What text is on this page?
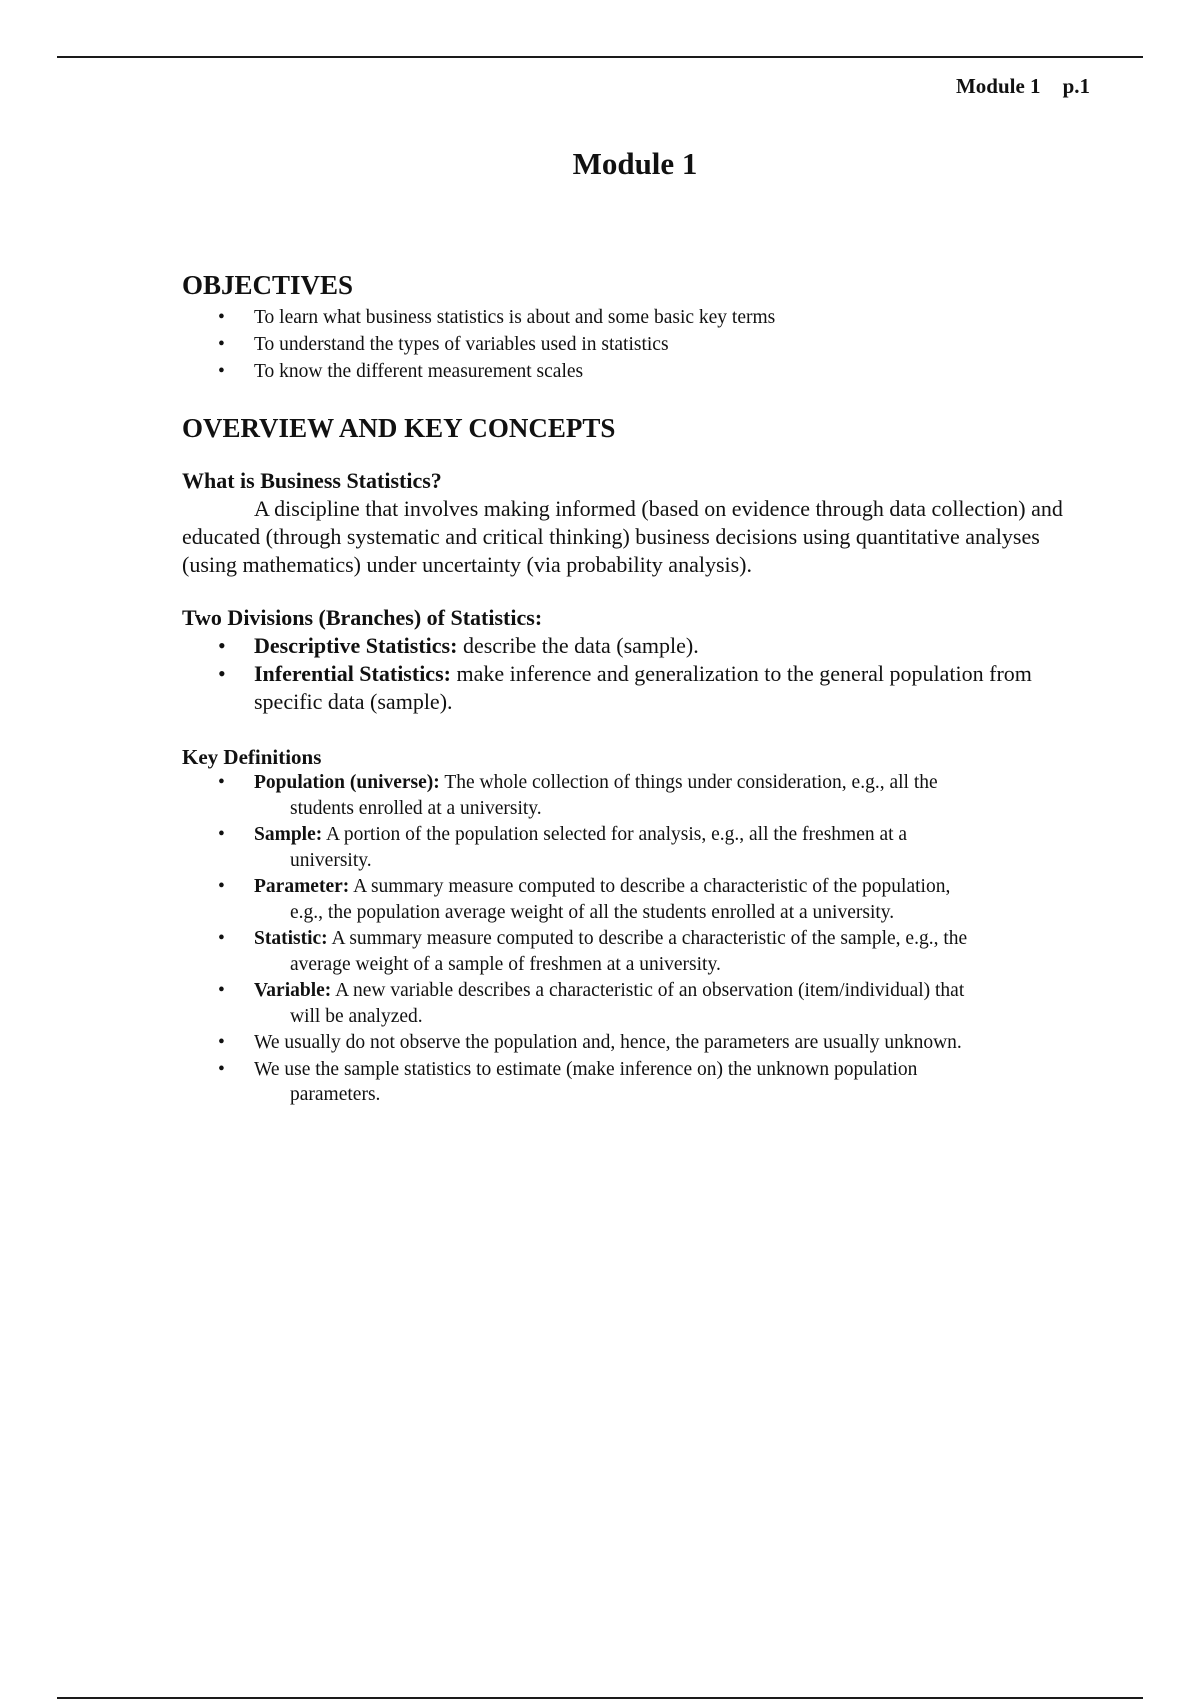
Module 1 p.1
Module 1
OBJECTIVES
• To learn what business statistics is about and some basic key terms
• To understand the types of variables used in statistics
• To know the different measurement scales
OVERVIEW AND KEY CONCEPTS
What is Business Statistics?

A discipline that involves making informed (based on evidence through data collection) and educated (through systematic and critical thinking) business decisions using quantitative analyses (using mathematics) under uncertainty (via probability analysis).

Two Divisions (Branches) of Statistics:
• Descriptive Statistics: describe the data (sample).
• Inferential Statistics: make inference and generalization to the general population from specific data (sample).
Key Definitions
• Population (universe): The whole collection of things under consideration, e.g., all the
students enrolled at a university.
• Sample: A portion of the population selected for analysis, e.g., all the freshmen at a
university.
• Parameter: A summary measure computed to describe a characteristic of the population,
e.g., the population average weight of all the students enrolled at a university.
• Statistic: A summary measure computed to describe a characteristic of the sample, e.g., the
average weight of a sample of freshmen at a university.
• Variable: A new variable describes a characteristic of an observation (item/individual) that
will be analyzed.
• We usually do not observe the population and, hence, the parameters are usually unknown.
• We use the sample statistics to estimate (make inference on) the unknown population
parameters.
